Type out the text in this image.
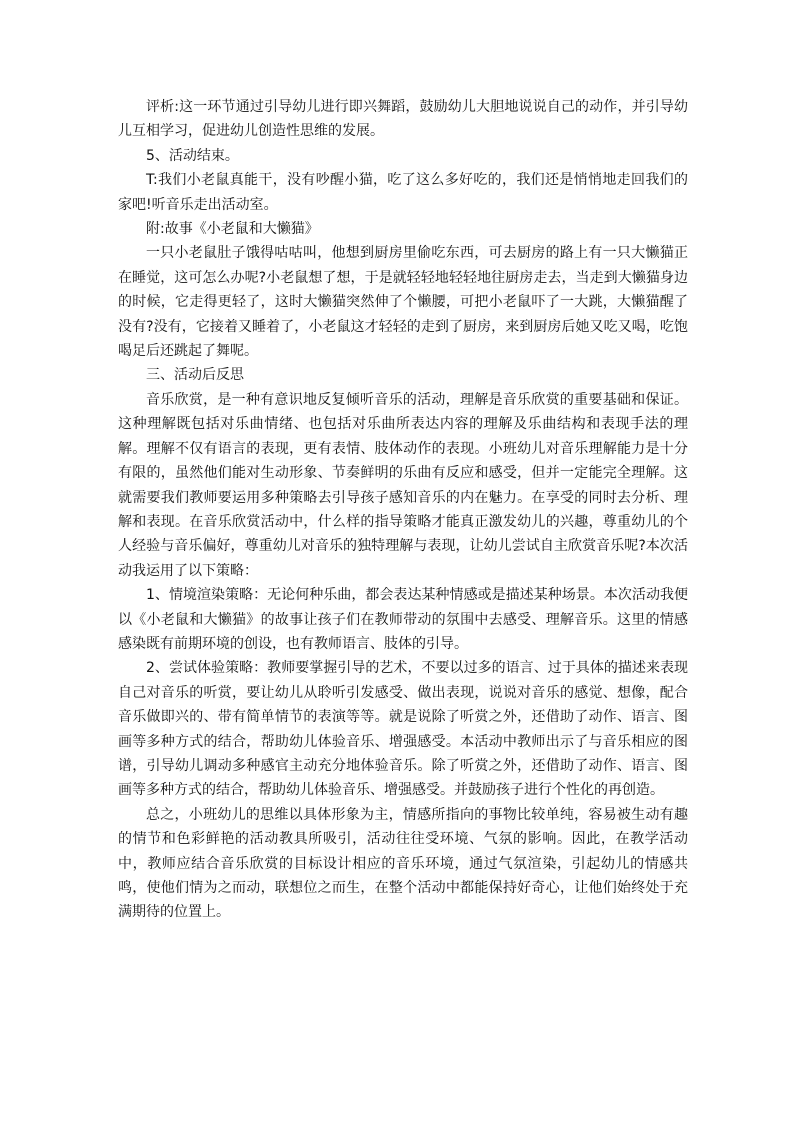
评析:这一环节通过引导幼儿进行即兴舞蹈，鼓励幼儿大胆地说说自己的动作，并引导幼儿互相学习，促进幼儿创造性思维的发展。

5、活动结束。

T:我们小老鼠真能干，没有吵醒小猫，吃了这么多好吃的，我们还是悄悄地走回我们的家吧!听音乐走出活动室。

附:故事《小老鼠和大懒猫》

一只小老鼠肚子饿得咕咕叫，他想到厨房里偷吃东西，可去厨房的路上有一只大懒猫正在睡觉，这可怎么办呢?小老鼠想了想，于是就轻轻地轻轻地往厨房走去，当走到大懒猫身边的时候，它走得更轻了，这时大懒猫突然伸了个懒腰，可把小老鼠吓了一大跳，大懒猫醒了没有?没有，它接着又睡着了，小老鼠这才轻轻的走到了厨房，来到厨房后她又吃又喝，吃饱喝足后还跳起了舞呢。

三、活动后反思

音乐欣赏，是一种有意识地反复倾听音乐的活动，理解是音乐欣赏的重要基础和保证。这种理解既包括对乐曲情绪、也包括对乐曲所表达内容的理解及乐曲结构和表现手法的理解。理解不仅有语言的表现，更有表情、肢体动作的表现。小班幼儿对音乐理解能力是十分有限的，虽然他们能对生动形象、节奏鲜明的乐曲有反应和感受，但并一定能完全理解。这就需要我们教师要运用多种策略去引导孩子感知音乐的内在魅力。在享受的同时去分析、理解和表现。在音乐欣赏活动中，什么样的指导策略才能真正激发幼儿的兴趣，尊重幼儿的个人经验与音乐偏好，尊重幼儿对音乐的独特理解与表现，让幼儿尝试自主欣赏音乐呢?本次活动我运用了以下策略：

1、情境渲染策略：无论何种乐曲，都会表达某种情感或是描述某种场景。本次活动我便以《小老鼠和大懒猫》的故事让孩子们在教师带动的氛围中去感受、理解音乐。这里的情感感染既有前期环境的创设，也有教师语言、肢体的引导。

2、尝试体验策略：教师要掌握引导的艺术，不要以过多的语言、过于具体的描述来表现自己对音乐的听赏，要让幼儿从聆听引发感受、做出表现，说说对音乐的感觉、想像，配合音乐做即兴的、带有简单情节的表演等等。就是说除了听赏之外，还借助了动作、语言、图画等多种方式的结合，帮助幼儿体验音乐、增强感受。本活动中教师出示了与音乐相应的图谱，引导幼儿调动多种感官主动充分地体验音乐。除了听赏之外，还借助了动作、语言、图画等多种方式的结合，帮助幼儿体验音乐、增强感受。并鼓励孩子进行个性化的再创造。

总之，小班幼儿的思维以具体形象为主，情感所指向的事物比较单纯，容易被生动有趣的情节和色彩鲜艳的活动教具所吸引，活动往往受环境、气氛的影响。因此，在教学活动中，教师应结合音乐欣赏的目标设计相应的音乐环境，通过气氛渲染，引起幼儿的情感共鸣，使他们情为之而动，联想位之而生，在整个活动中都能保持好奇心，让他们始终处于充满期待的位置上。
